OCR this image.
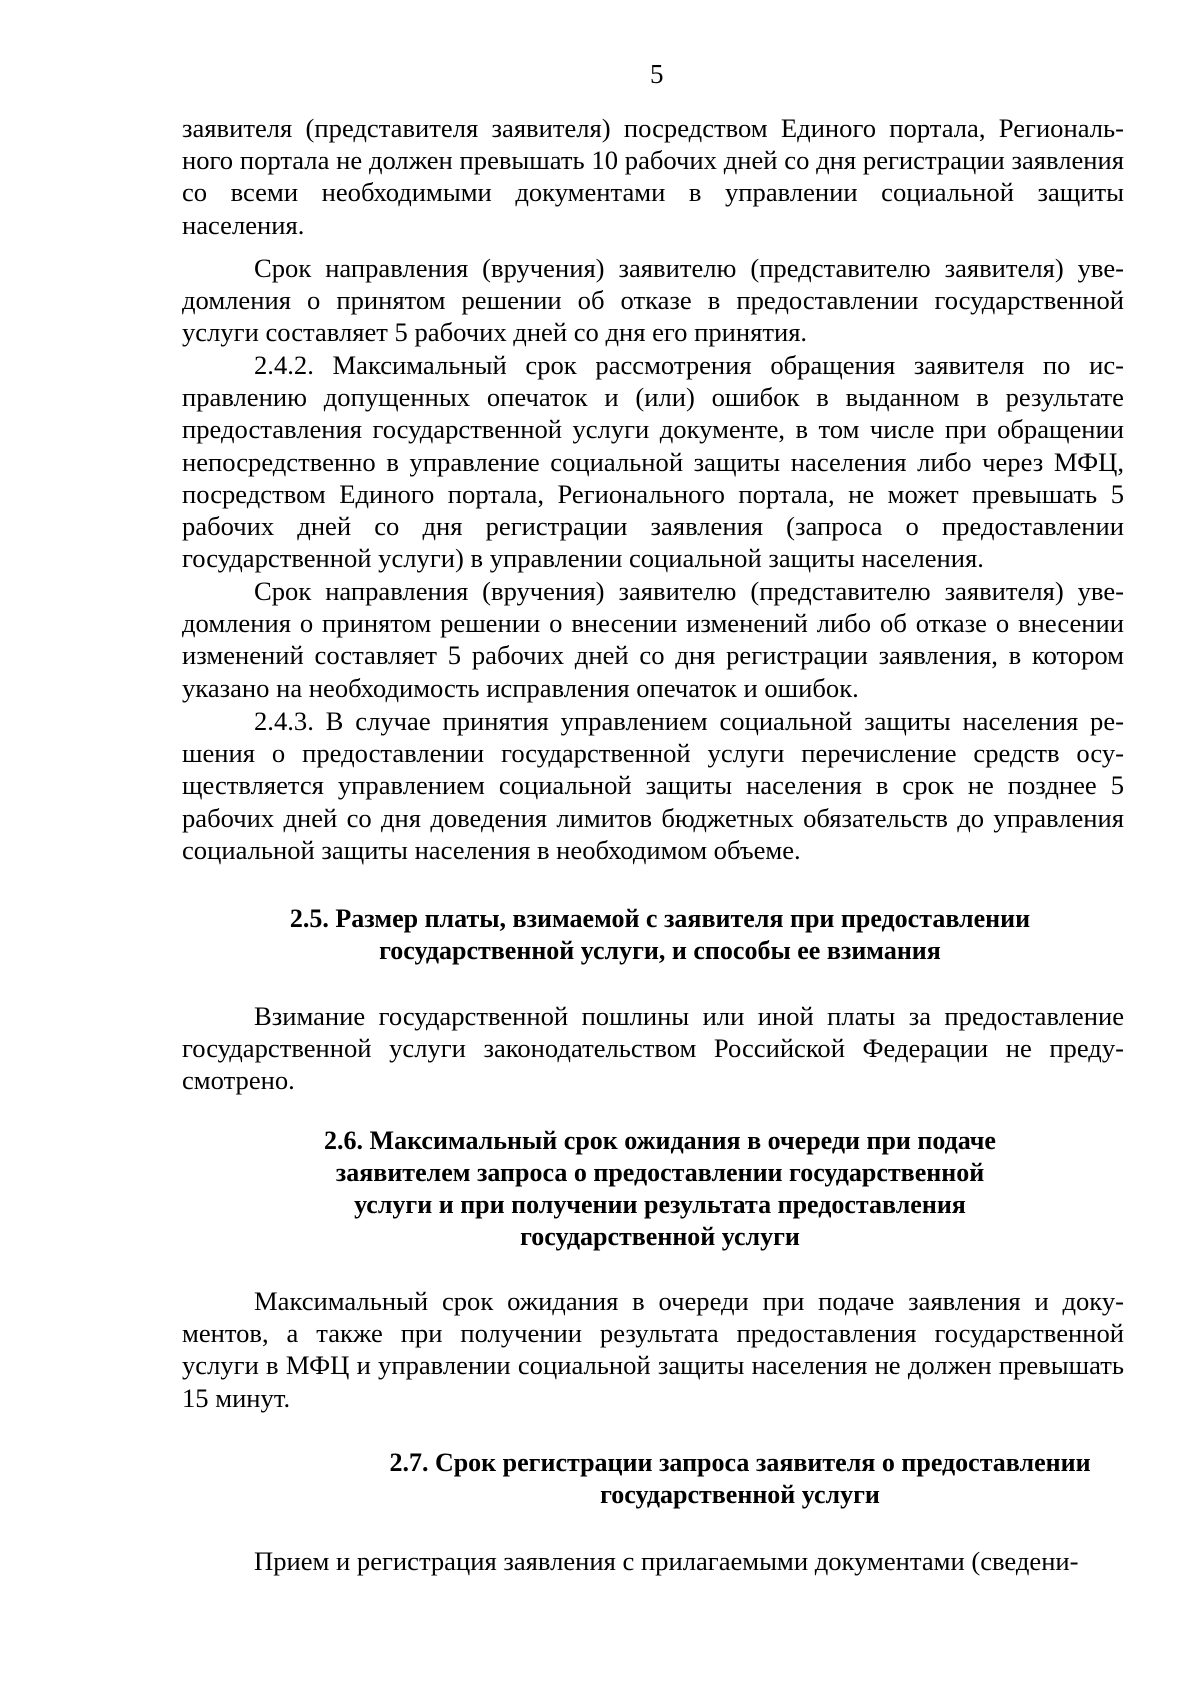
5

заявителя (представителя заявителя) посредством Единого портала, Регионального портала не должен превышать 10 рабочих дней со дня регистрации заявления со всеми необходимыми документами в управлении социальной защиты населения.

Срок направления (вручения) заявителю (представителю заявителя) уведомления о принятом решении об отказе в предоставлении государственной услуги составляет 5 рабочих дней со дня его принятия.

2.4.2. Максимальный срок рассмотрения обращения заявителя по исправлению допущенных опечаток и (или) ошибок в выданном в результате предоставления государственной услуги документе, в том числе при обращении непосредственно в управление социальной защиты населения либо через МФЦ, посредством Единого портала, Регионального портала, не может превышать 5 рабочих дней со дня регистрации заявления (запроса о предоставлении государственной услуги) в управлении социальной защиты населения.

Срок направления (вручения) заявителю (представителю заявителя) уведомления о принятом решении о внесении изменений либо об отказе о внесении изменений составляет 5 рабочих дней со дня регистрации заявления, в котором указано на необходимость исправления опечаток и ошибок.

2.4.3. В случае принятия управлением социальной защиты населения решения о предоставлении государственной услуги перечисление средств осуществляется управлением социальной защиты населения в срок не позднее 5 рабочих дней со дня доведения лимитов бюджетных обязательств до управления социальной защиты населения в необходимом объеме.

2.5. Размер платы, взимаемой с заявителя при предоставлении
государственной услуги, и способы ее взимания

Взимание государственной пошлины или иной платы за предоставление государственной услуги законодательством Российской Федерации не предусмотрено.

2.6. Максимальный срок ожидания в очереди при подаче
заявителем запроса о предоставлении государственной
услуги и при получении результата предоставления
государственной услуги

Максимальный срок ожидания в очереди при подаче заявления и документов, а также при получении результата предоставления государственной услуги в МФЦ и управлении социальной защиты населения не должен превышать 15 минут.

2.7. Срок регистрации запроса заявителя о предоставлении
государственной услуги

Прием и регистрация заявления с прилагаемыми документами (сведени-
